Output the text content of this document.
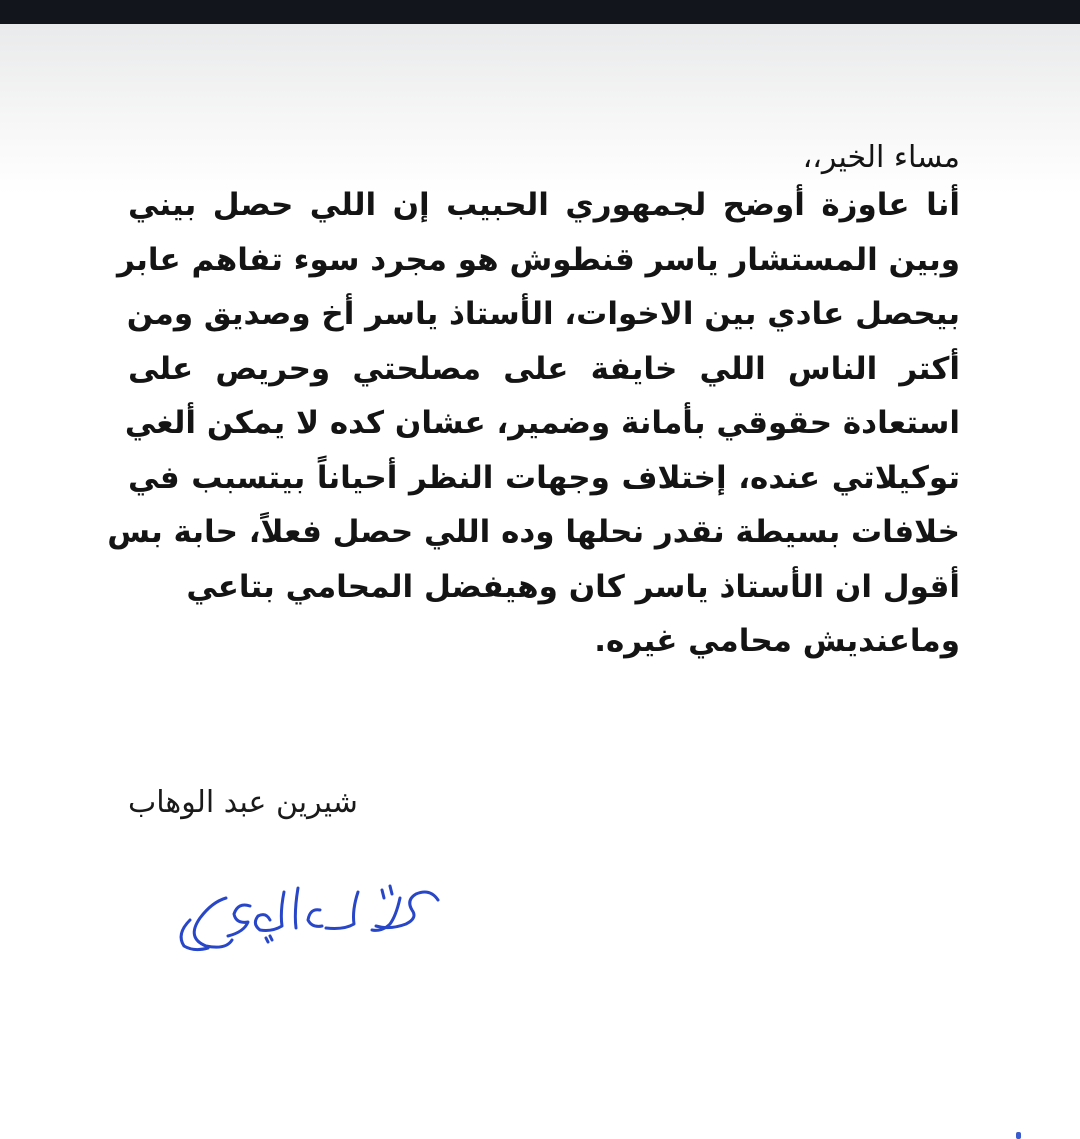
مساء الخير،،
أنا عاوزة أوضح لجمهوري الحبيب إن اللي حصل بيني
وبين المستشار ياسر قنطوش هو مجرد سوء تفاهم عابر
بيحصل عادي بين الاخوات، الأستاذ ياسر أخ وصديق ومن
أكتر الناس اللي خايفة على مصلحتي وحريص على
استعادة حقوقي بأمانة وضمير، عشان كده لا يمكن ألغي
توكيلاتي عنده، إختلاف وجهات النظر أحياناً بيتسبب في
خلافات بسيطة نقدر نحلها وده اللي حصل فعلاً، حابة بس
أقول ان الأستاذ ياسر كان وهيفضل المحامي بتاعي
وماعنديش محامي غيره.
شيرين عبد الوهاب
